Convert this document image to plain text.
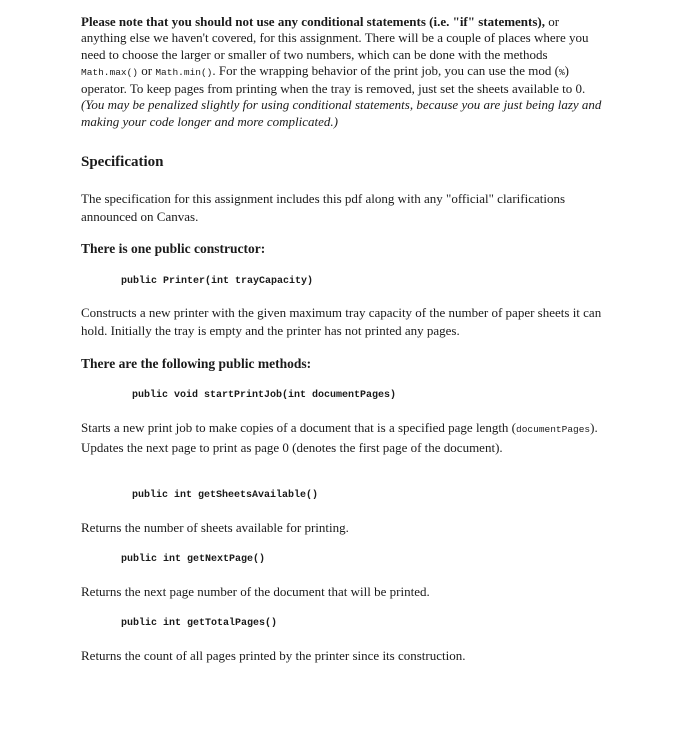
Please note that you should not use any conditional statements (i.e. "if" statements), or anything else we haven't covered, for this assignment. There will be a couple of places where you need to choose the larger or smaller of two numbers, which can be done with the methods Math.max() or Math.min(). For the wrapping behavior of the print job, you can use the mod (%) operator. To keep pages from printing when the tray is removed, just set the sheets available to 0. (You may be penalized slightly for using conditional statements, because you are just being lazy and making your code longer and more complicated.)

Specification

The specification for this assignment includes this pdf along with any "official" clarifications announced on Canvas.

There is one public constructor:

public Printer(int trayCapacity)

Constructs a new printer with the given maximum tray capacity of the number of paper sheets it can hold. Initially the tray is empty and the printer has not printed any pages.

There are the following public methods:

public void startPrintJob(int documentPages)

Starts a new print job to make copies of a document that is a specified page length (documentPages). Updates the next page to print as page 0 (denotes the first page of the document).

public int getSheetsAvailable()

Returns the number of sheets available for printing.

public int getNextPage()

Returns the next page number of the document that will be printed.

public int getTotalPages()

Returns the count of all pages printed by the printer since its construction.
